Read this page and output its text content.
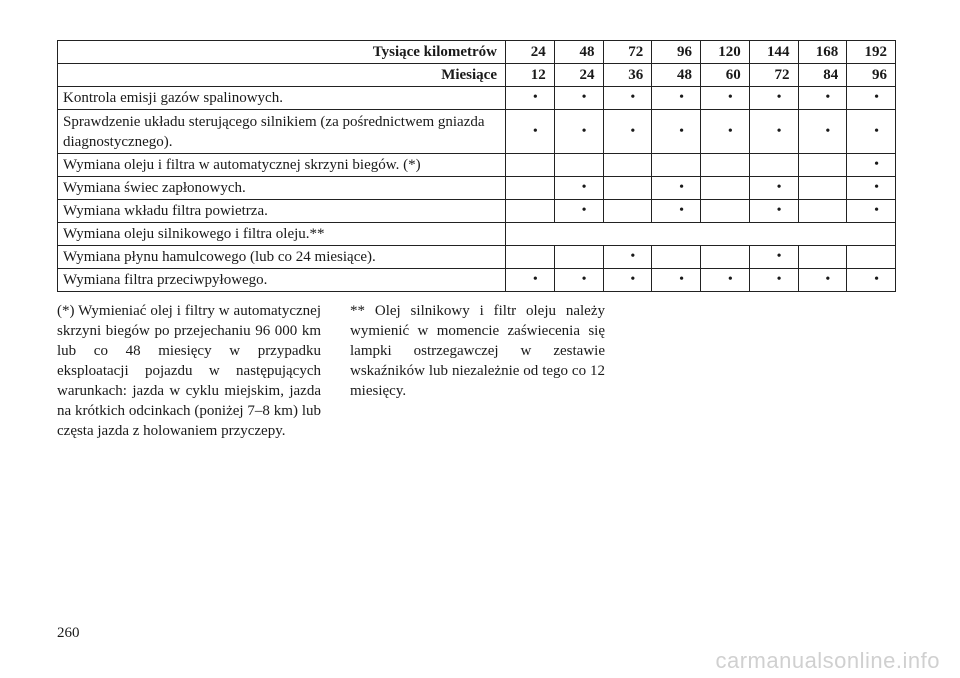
Tysiące kilometrów	24	48	72	96	120	144	168	192
Miesiące	12	24	36	48	60	72	84	96
Kontrola emisji gazów spalinowych.	•	•	•	•	•	•	•	•
Sprawdzenie układu sterującego silnikiem (za pośrednictwem gniazda diagnostycznego).	•	•	•	•	•	•	•	•
Wymiana oleju i filtra w automatycznej skrzyni biegów. (*)								•
Wymiana świec zapłonowych.		•		•		•		•
Wymiana wkładu filtra powietrza.		•		•		•		•
Wymiana oleju silnikowego i filtra oleju.**								
Wymiana płynu hamulcowego (lub co 24 miesiące).			•			•		
Wymiana filtra przeciwpyłowego.	•	•	•	•	•	•	•	•
(*) Wymieniać olej i filtry w automatycznej skrzyni biegów po przejechaniu 96 000 km lub co 48 miesięcy w przypadku eksploatacji pojazdu w następujących warunkach: jazda w cyklu miejskim, jazda na krótkich odcinkach (poniżej 7–8 km) lub częsta jazda z holowaniem przyczepy.
** Olej silnikowy i filtr oleju należy wymienić w momencie zaświecenia się lampki ostrzegawczej w zestawie wskaźników lub niezależnie od tego co 12 miesięcy.
260
carmanualsonline.info
